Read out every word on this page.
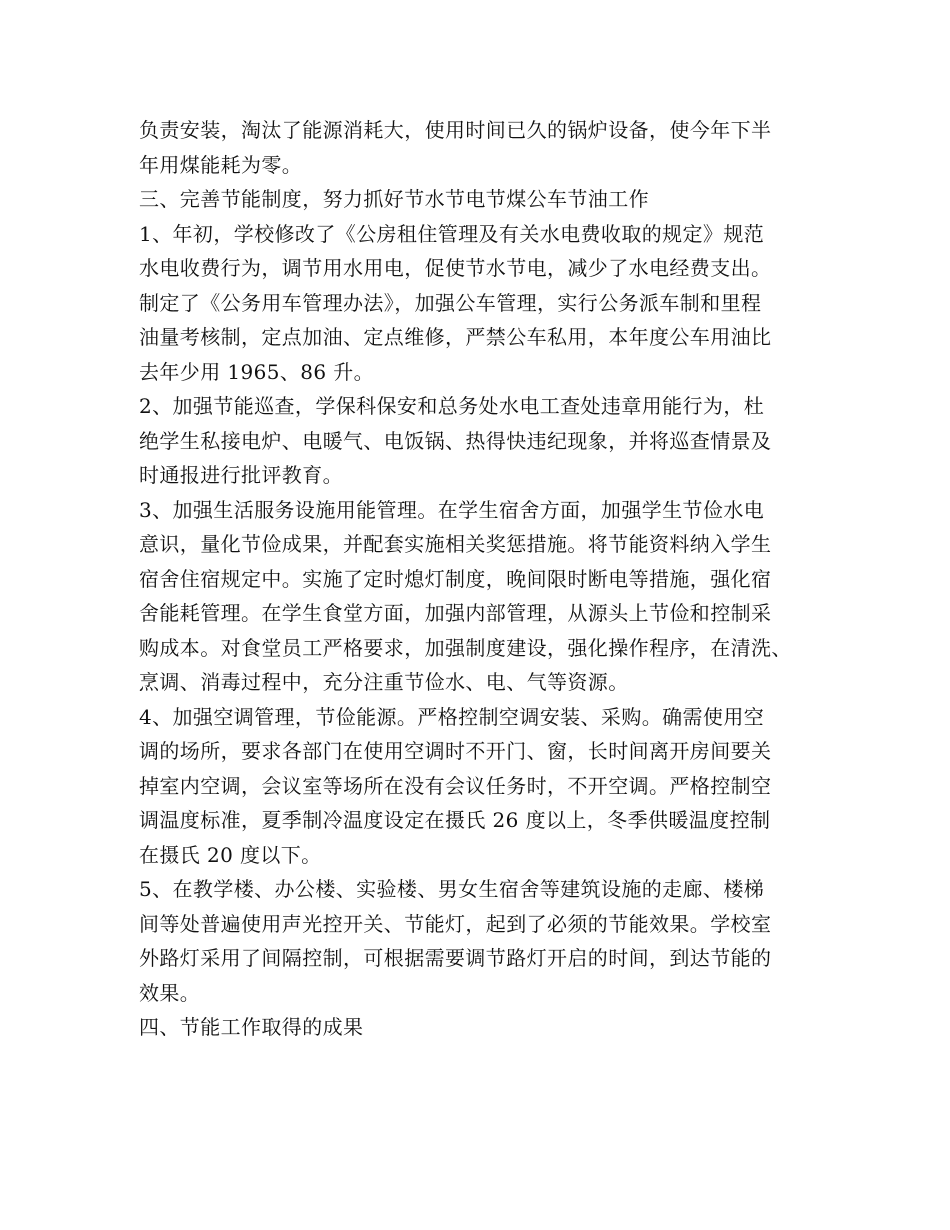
负责安装，淘汰了能源消耗大，使用时间已久的锅炉设备，使今年下半
年用煤能耗为零。
三、完善节能制度，努力抓好节水节电节煤公车节油工作
1、年初，学校修改了《公房租住管理及有关水电费收取的规定》规范
水电收费行为，调节用水用电，促使节水节电，减少了水电经费支出。
制定了《公务用车管理办法》，加强公车管理，实行公务派车制和里程
油量考核制，定点加油、定点维修，严禁公车私用，本年度公车用油比
去年少用 1965、86 升。
2、加强节能巡查，学保科保安和总务处水电工查处违章用能行为，杜
绝学生私接电炉、电暖气、电饭锅、热得快违纪现象，并将巡查情景及
时通报进行批评教育。
3、加强生活服务设施用能管理。在学生宿舍方面，加强学生节俭水电
意识，量化节俭成果，并配套实施相关奖惩措施。将节能资料纳入学生
宿舍住宿规定中。实施了定时熄灯制度，晚间限时断电等措施，强化宿
舍能耗管理。在学生食堂方面，加强内部管理，从源头上节俭和控制采
购成本。对食堂员工严格要求，加强制度建设，强化操作程序，在清洗、
烹调、消毒过程中，充分注重节俭水、电、气等资源。
4、加强空调管理，节俭能源。严格控制空调安装、采购。确需使用空
调的场所，要求各部门在使用空调时不开门、窗，长时间离开房间要关
掉室内空调，会议室等场所在没有会议任务时，不开空调。严格控制空
调温度标准，夏季制冷温度设定在摄氏 26 度以上，冬季供暖温度控制
在摄氏 20 度以下。
5、在教学楼、办公楼、实验楼、男女生宿舍等建筑设施的走廊、楼梯
间等处普遍使用声光控开关、节能灯，起到了必须的节能效果。学校室
外路灯采用了间隔控制，可根据需要调节路灯开启的时间，到达节能的
效果。
四、节能工作取得的成果
